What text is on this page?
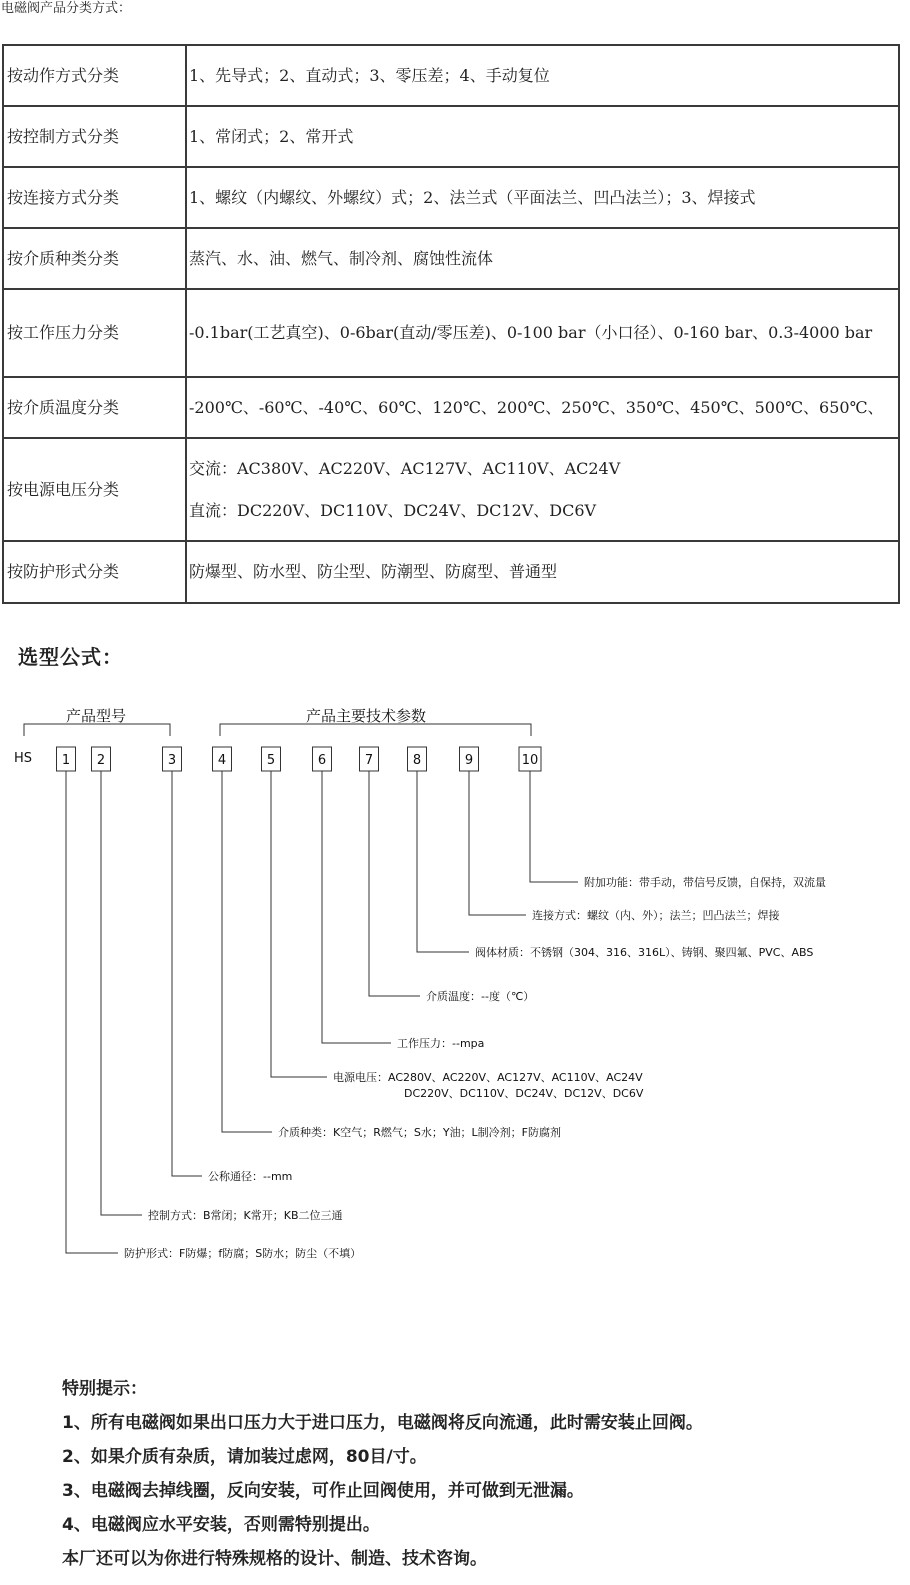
电磁阀产品分类方式：
按动作方式分类	1、先导式；2、直动式；3、零压差；4、手动复位

按控制方式分类	1、常闭式；2、常开式

按连接方式分类	1、螺纹（内螺纹、外螺纹）式；2、法兰式（平面法兰、凹凸法兰）；3、焊接式

按介质种类分类	蒸汽、水、油、燃气、制冷剂、腐蚀性流体

按工作压力分类	-0.1bar(工艺真空)、0-6bar(直动/零压差)、0-100 bar（小口径）、0-160 bar、0.3-4000 bar

按介质温度分类	-200℃、-60℃、-40℃、60℃、120℃、200℃、250℃、350℃、450℃、500℃、650℃、

按电源电压分类	交流：AC380V、AC220V、AC127V、AC110V、AC24V
直流：DC220V、DC110V、DC24V、DC12V、DC6V

按防护形式分类	防爆型、防水型、防尘型、防潮型、防腐型、普通型
选型公式：
产品型号	产品主要技术参数
HS 1
防护形式：F防爆；f防腐；S防水；防尘（不填）
2
控制方式：B常闭；K常开；KB二位三通
3
公称通径：--mm
4
介质种类：K空气；R燃气；S水；Y油；L制冷剂；F防腐剂
5
电源电压：AC280V、AC220V、AC127V、AC110V、AC24V
6
工作压力：--mpa
7
介质温度：--度（℃）
8
阀体材质：不锈钢（304、316、316L）、铸钢、聚四氟、PVC、ABS
9
连接方式：螺纹（内、外）；法兰；凹凸法兰；焊接
10
附加功能：带手动，带信号反馈，自保持，双流量
DC220V、DC110V、DC24V、DC12V、DC6V
特别提示：
1、所有电磁阀如果出口压力大于进口压力，电磁阀将反向流通，此时需安装止回阀。
2、如果介质有杂质，请加装过虑网，80目/寸。
3、电磁阀去掉线圈，反向安装，可作止回阀使用，并可做到无泄漏。
4、电磁阀应水平安装，否则需特别提出。
本厂还可以为你进行特殊规格的设计、制造、技术咨询。
